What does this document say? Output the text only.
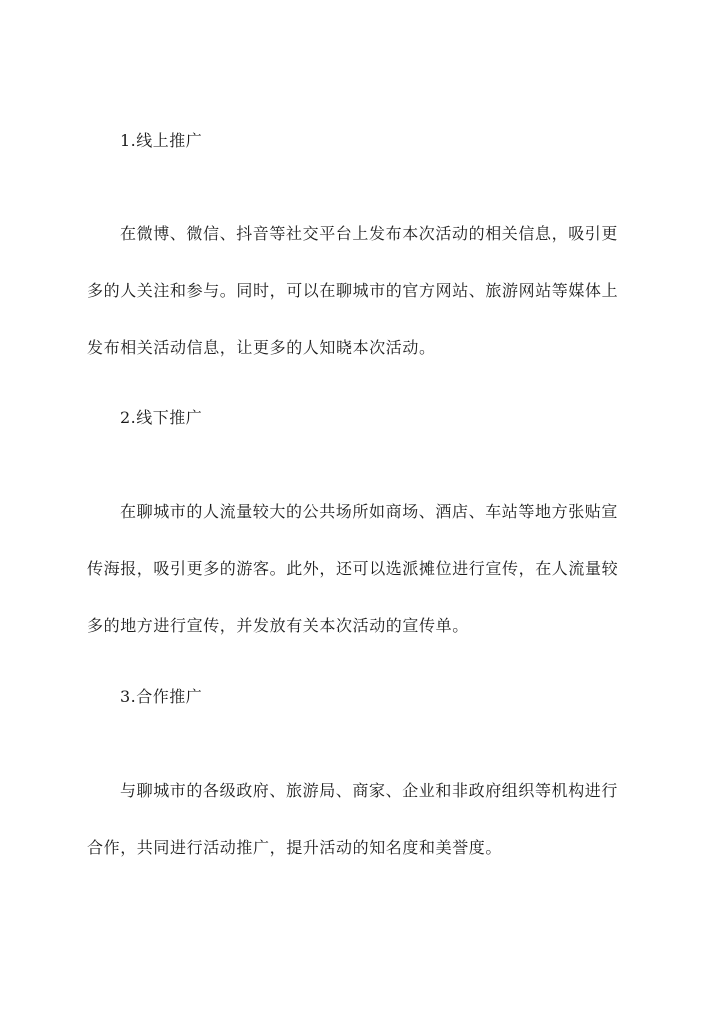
1.线上推广
在微博、微信、抖音等社交平台上发布本次活动的相关信息，吸引更
多的人关注和参与。同时，可以在聊城市的官方网站、旅游网站等媒体上
发布相关活动信息，让更多的人知晓本次活动。
2.线下推广
在聊城市的人流量较大的公共场所如商场、酒店、车站等地方张贴宣
传海报，吸引更多的游客。此外，还可以选派摊位进行宣传，在人流量较
多的地方进行宣传，并发放有关本次活动的宣传单。
3.合作推广
与聊城市的各级政府、旅游局、商家、企业和非政府组织等机构进行
合作，共同进行活动推广，提升活动的知名度和美誉度。
